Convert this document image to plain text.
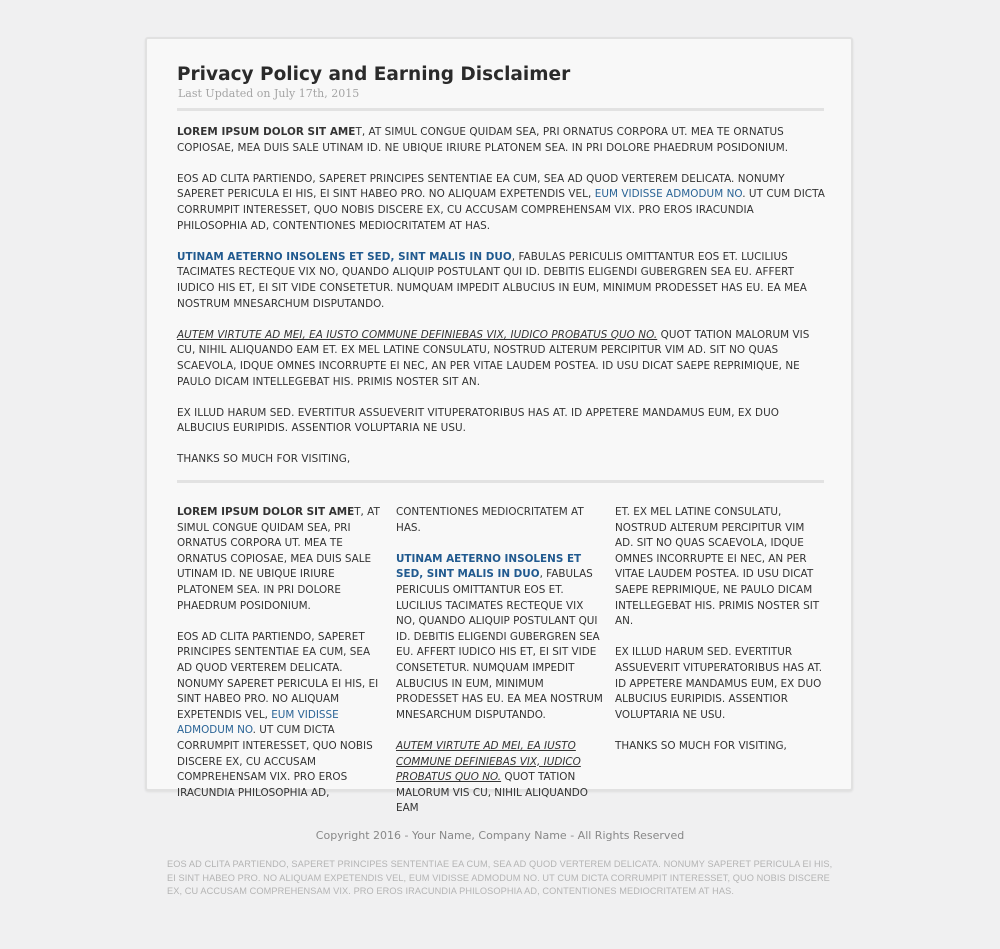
Privacy Policy and Earning Disclaimer
Last Updated on July 17th, 2015

LOREM IPSUM DOLOR SIT AMET, AT SIMUL CONGUE QUIDAM SEA, PRI ORNATUS CORPORA UT. MEA TE ORNATUS COPIOSAE, MEA DUIS SALE UTINAM ID. NE UBIQUE IRIURE PLATONEM SEA. IN PRI DOLORE PHAEDRUM POSIDONIUM.

EOS AD CLITA PARTIENDO, SAPERET PRINCIPES SENTENTIAE EA CUM, SEA AD QUOD VERTEREM DELICATA. NONUMY SAPERET PERICULA EI HIS, EI SINT HABEO PRO. NO ALIQUAM EXPETENDIS VEL, EUM VIDISSE ADMODUM NO. UT CUM DICTA CORRUMPIT INTERESSET, QUO NOBIS DISCERE EX, CU ACCUSAM COMPREHENSAM VIX. PRO EROS IRACUNDIA PHILOSOPHIA AD, CONTENTIONES MEDIOCRITATEM AT HAS.

UTINAM AETERNO INSOLENS ET SED, SINT MALIS IN DUO, FABULAS PERICULIS OMITTANTUR EOS ET. LUCILIUS TACIMATES RECTEQUE VIX NO, QUANDO ALIQUIP POSTULANT QUI ID. DEBITIS ELIGENDI GUBERGREN SEA EU. AFFERT IUDICO HIS ET, EI SIT VIDE CONSETETUR. NUMQUAM IMPEDIT ALBUCIUS IN EUM, MINIMUM PRODESSET HAS EU. EA MEA NOSTRUM MNESARCHUM DISPUTANDO.

AUTEM VIRTUTE AD MEI, EA IUSTO COMMUNE DEFINIEBAS VIX, IUDICO PROBATUS QUO NO. QUOT TATION MALORUM VIS CU, NIHIL ALIQUANDO EAM ET. EX MEL LATINE CONSULATU, NOSTRUD ALTERUM PERCIPITUR VIM AD. SIT NO QUAS SCAEVOLA, IDQUE OMNES INCORRUPTE EI NEC, AN PER VITAE LAUDEM POSTEA. ID USU DICAT SAEPE REPRIMIQUE, NE PAULO DICAM INTELLEGEBAT HIS. PRIMIS NOSTER SIT AN.

EX ILLUD HARUM SED. EVERTITUR ASSUEVERIT VITUPERATORIBUS HAS AT. ID APPETERE MANDAMUS EUM, EX DUO ALBUCIUS EURIPIDIS. ASSENTIOR VOLUPTARIA NE USU.

THANKS SO MUCH FOR VISITING,

LOREM IPSUM DOLOR SIT AMET, AT SIMUL CONGUE QUIDAM SEA, PRI ORNATUS CORPORA UT. MEA TE ORNATUS COPIOSAE, MEA DUIS SALE UTINAM ID. NE UBIQUE IRIURE PLATONEM SEA. IN PRI DOLORE PHAEDRUM POSIDONIUM.

EOS AD CLITA PARTIENDO, SAPERET PRINCIPES SENTENTIAE EA CUM, SEA AD QUOD VERTEREM DELICATA. NONUMY SAPERET PERICULA EI HIS, EI SINT HABEO PRO. NO ALIQUAM EXPETENDIS VEL, EUM VIDISSE ADMODUM NO. UT CUM DICTA CORRUMPIT INTERESSET, QUO NOBIS DISCERE EX, CU ACCUSAM COMPREHENSAM VIX. PRO EROS IRACUNDIA PHILOSOPHIA AD,

CONTENTIONES MEDIOCRITATEM AT HAS.

UTINAM AETERNO INSOLENS ET SED, SINT MALIS IN DUO, FABULAS PERICULIS OMITTANTUR EOS ET. LUCILIUS TACIMATES RECTEQUE VIX NO, QUANDO ALIQUIP POSTULANT QUI ID. DEBITIS ELIGENDI GUBERGREN SEA EU. AFFERT IUDICO HIS ET, EI SIT VIDE CONSETETUR. NUMQUAM IMPEDIT ALBUCIUS IN EUM, MINIMUM PRODESSET HAS EU. EA MEA NOSTRUM MNESARCHUM DISPUTANDO.

AUTEM VIRTUTE AD MEI, EA IUSTO COMMUNE DEFINIEBAS VIX, IUDICO PROBATUS QUO NO. QUOT TATION MALORUM VIS CU, NIHIL ALIQUANDO EAM

ET. EX MEL LATINE CONSULATU, NOSTRUD ALTERUM PERCIPITUR VIM AD. SIT NO QUAS SCAEVOLA, IDQUE OMNES INCORRUPTE EI NEC, AN PER VITAE LAUDEM POSTEA. ID USU DICAT SAEPE REPRIMIQUE, NE PAULO DICAM INTELLEGEBAT HIS. PRIMIS NOSTER SIT AN.

EX ILLUD HARUM SED. EVERTITUR ASSUEVERIT VITUPERATORIBUS HAS AT. ID APPETERE MANDAMUS EUM, EX DUO ALBUCIUS EURIPIDIS. ASSENTIOR VOLUPTARIA NE USU.

THANKS SO MUCH FOR VISITING,

Copyright 2016 - Your Name, Company Name - All Rights Reserved
EOS AD CLITA PARTIENDO, SAPERET PRINCIPES SENTENTIAE EA CUM, SEA AD QUOD VERTEREM DELICATA. NONUMY SAPERET PERICULA EI HIS, EI SINT HABEO PRO. NO ALIQUAM EXPETENDIS VEL, EUM VIDISSE ADMODUM NO. UT CUM DICTA CORRUMPIT INTERESSET, QUO NOBIS DISCERE EX, CU ACCUSAM COMPREHENSAM VIX. PRO EROS IRACUNDIA PHILOSOPHIA AD, CONTENTIONES MEDIOCRITATEM AT HAS.
